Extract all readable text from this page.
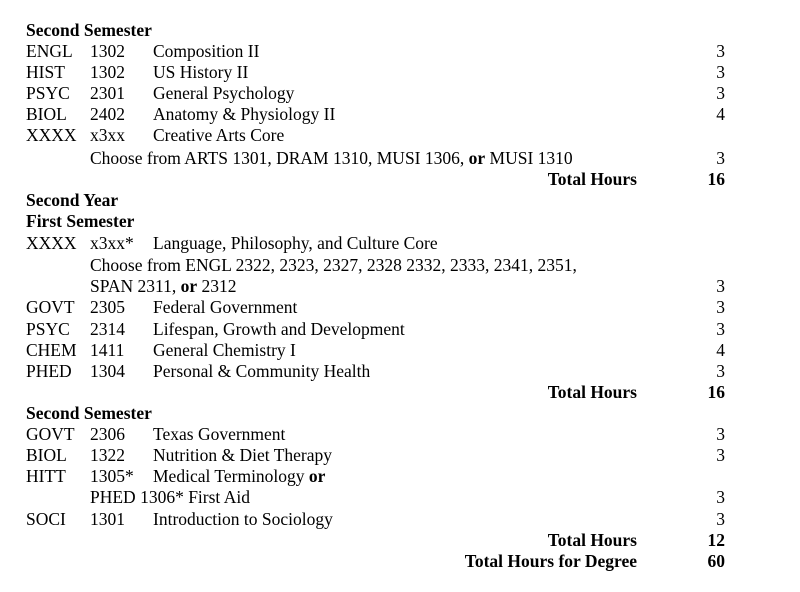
Second Semester
ENGL 1302 Composition II	3
HIST 1302 US History II	3
PSYC 2301 General Psychology	3
BIOL 2402 Anatomy & Physiology II	4
XXXX x3xx Creative Arts Core
Choose from ARTS 1301, DRAM 1310, MUSI 1306, or MUSI 1310	3
Total Hours	16
Second Year
First Semester
XXXX x3xx* Language, Philosophy, and Culture Core
Choose from ENGL 2322, 2323, 2327, 2328 2332, 2333, 2341, 2351,
SPAN 2311, or 2312	3
GOVT 2305 Federal Government	3
PSYC 2314 Lifespan, Growth and Development	3
CHEM 1411 General Chemistry I	4
PHED 1304 Personal & Community Health	3
Total Hours	16
Second Semester
GOVT 2306 Texas Government	3
BIOL 1322 Nutrition & Diet Therapy	3
HITT 1305* Medical Terminology or
PHED 1306* First Aid	3
SOCI 1301 Introduction to Sociology	3
Total Hours	12
Total Hours for Degree	60
